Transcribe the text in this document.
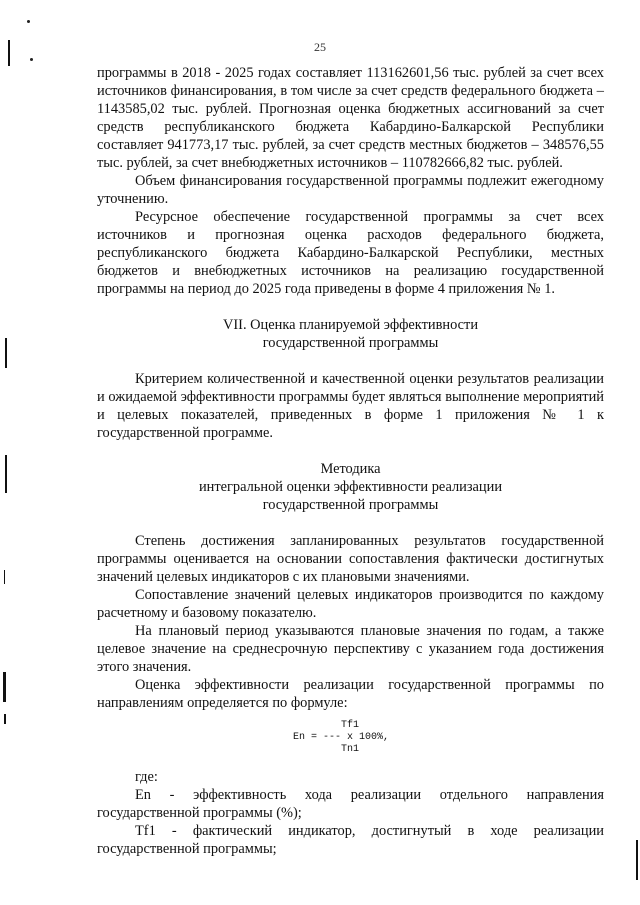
25

программы в 2018 - 2025 годах составляет 113162601,56 тыс. рублей за счет всех источников финансирования, в том числе за счет средств федерального бюджета – 1143585,02 тыс. рублей. Прогнозная оценка бюджетных ассигнований за счет средств республиканского бюджета Кабардино-Балкарской Республики составляет 941773,17 тыс. рублей, за счет средств местных бюджетов – 348576,55 тыс. рублей, за счет внебюджетных источников – 110782666,82 тыс. рублей.

Объем финансирования государственной программы подлежит ежегодному уточнению.

Ресурсное обеспечение государственной программы за счет всех источников и прогнозная оценка расходов федерального бюджета, республиканского бюджета Кабардино-Балкарской Республики, местных бюджетов и внебюджетных источников на реализацию государственной программы на период до 2025 года приведены в форме 4 приложения № 1.

VII. Оценка планируемой эффективности

государственной программы

Критерием количественной и качественной оценки результатов реализации и ожидаемой эффективности программы будет являться выполнение мероприятий и целевых показателей, приведенных в форме 1 приложения № 1 к государственной программе.

Методика

интегральной оценки эффективности реализации

государственной программы

Степень достижения запланированных результатов государственной программы оценивается на основании сопоставления фактически достигнутых значений целевых индикаторов с их плановыми значениями.

Сопоставление значений целевых индикаторов производится по каждому расчетному и базовому показателю.

На плановый период указываются плановые значения по годам, а также целевое значение на среднесрочную перспективу с указанием года достижения этого значения.

Оценка эффективности реализации государственной программы по направлениям определяется по формуле:

Tf1
En = --- x 100%,
Tn1

где:

En - эффективность хода реализации отдельного направления государственной программы (%);

Tf1 - фактический индикатор, достигнутый в ходе реализации государственной программы;
